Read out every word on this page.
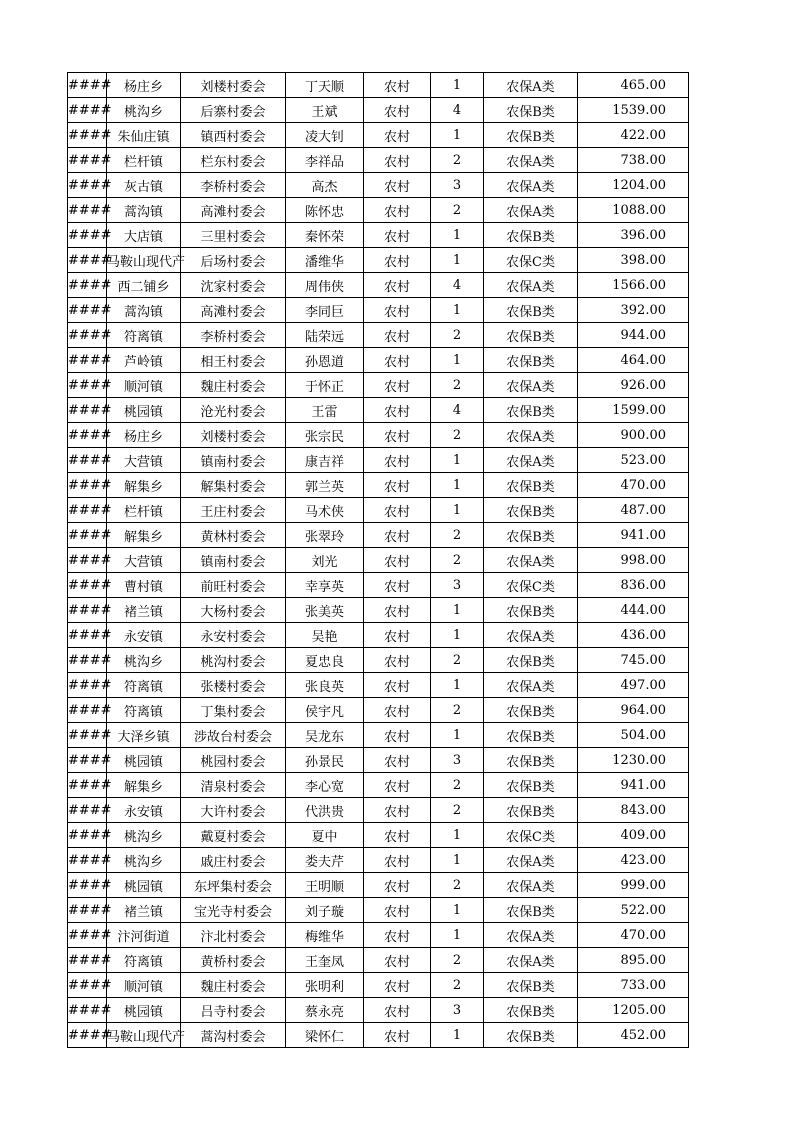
####	杨庄乡	刘楼村委会	丁天顺	农村	1	农保A类	465.00
####	桃沟乡	后寨村委会	王斌	农村	4	农保B类	1539.00
####	朱仙庄镇	镇西村委会	凌大钊	农村	1	农保B类	422.00
####	栏杆镇	栏东村委会	李祥品	农村	2	农保A类	738.00
####	灰古镇	李桥村委会	高杰	农村	3	农保A类	1204.00
####	蒿沟镇	高滩村委会	陈怀忠	农村	2	农保A类	1088.00
####	大店镇	三里村委会	秦怀荣	农村	1	农保B类	396.00
####	马鞍山现代产	后场村委会	潘维华	农村	1	农保C类	398.00
####	西二铺乡	沈家村委会	周伟侠	农村	4	农保A类	1566.00
####	蒿沟镇	高滩村委会	李同巨	农村	1	农保B类	392.00
####	符离镇	李桥村委会	陆荣远	农村	2	农保B类	944.00
####	芦岭镇	相王村委会	孙恩道	农村	1	农保B类	464.00
####	顺河镇	魏庄村委会	于怀正	农村	2	农保A类	926.00
####	桃园镇	沧光村委会	王雷	农村	4	农保B类	1599.00
####	杨庄乡	刘楼村委会	张宗民	农村	2	农保A类	900.00
####	大营镇	镇南村委会	康吉祥	农村	1	农保A类	523.00
####	解集乡	解集村委会	郭兰英	农村	1	农保B类	470.00
####	栏杆镇	王庄村委会	马术侠	农村	1	农保B类	487.00
####	解集乡	黄林村委会	张翠玲	农村	2	农保B类	941.00
####	大营镇	镇南村委会	刘光	农村	2	农保A类	998.00
####	曹村镇	前旺村委会	幸享英	农村	3	农保C类	836.00
####	褚兰镇	大杨村委会	张美英	农村	1	农保B类	444.00
####	永安镇	永安村委会	吴艳	农村	1	农保A类	436.00
####	桃沟乡	桃沟村委会	夏忠良	农村	2	农保B类	745.00
####	符离镇	张楼村委会	张良英	农村	1	农保A类	497.00
####	符离镇	丁集村委会	侯宇凡	农村	2	农保B类	964.00
####	大泽乡镇	涉故台村委会	吴龙东	农村	1	农保B类	504.00
####	桃园镇	桃园村委会	孙景民	农村	3	农保B类	1230.00
####	解集乡	清泉村委会	李心宽	农村	2	农保B类	941.00
####	永安镇	大许村委会	代洪贵	农村	2	农保B类	843.00
####	桃沟乡	戴夏村委会	夏中	农村	1	农保C类	409.00
####	桃沟乡	戚庄村委会	娄夫芹	农村	1	农保A类	423.00
####	桃园镇	东坪集村委会	王明顺	农村	2	农保A类	999.00
####	褚兰镇	宝光寺村委会	刘子璇	农村	1	农保B类	522.00
####	汴河街道	汴北村委会	梅维华	农村	1	农保A类	470.00
####	符离镇	黄桥村委会	王奎凤	农村	2	农保A类	895.00
####	顺河镇	魏庄村委会	张明利	农村	2	农保B类	733.00
####	桃园镇	吕寺村委会	蔡永亮	农村	3	农保B类	1205.00
####	马鞍山现代产	蒿沟村委会	梁怀仁	农村	1	农保B类	452.00
